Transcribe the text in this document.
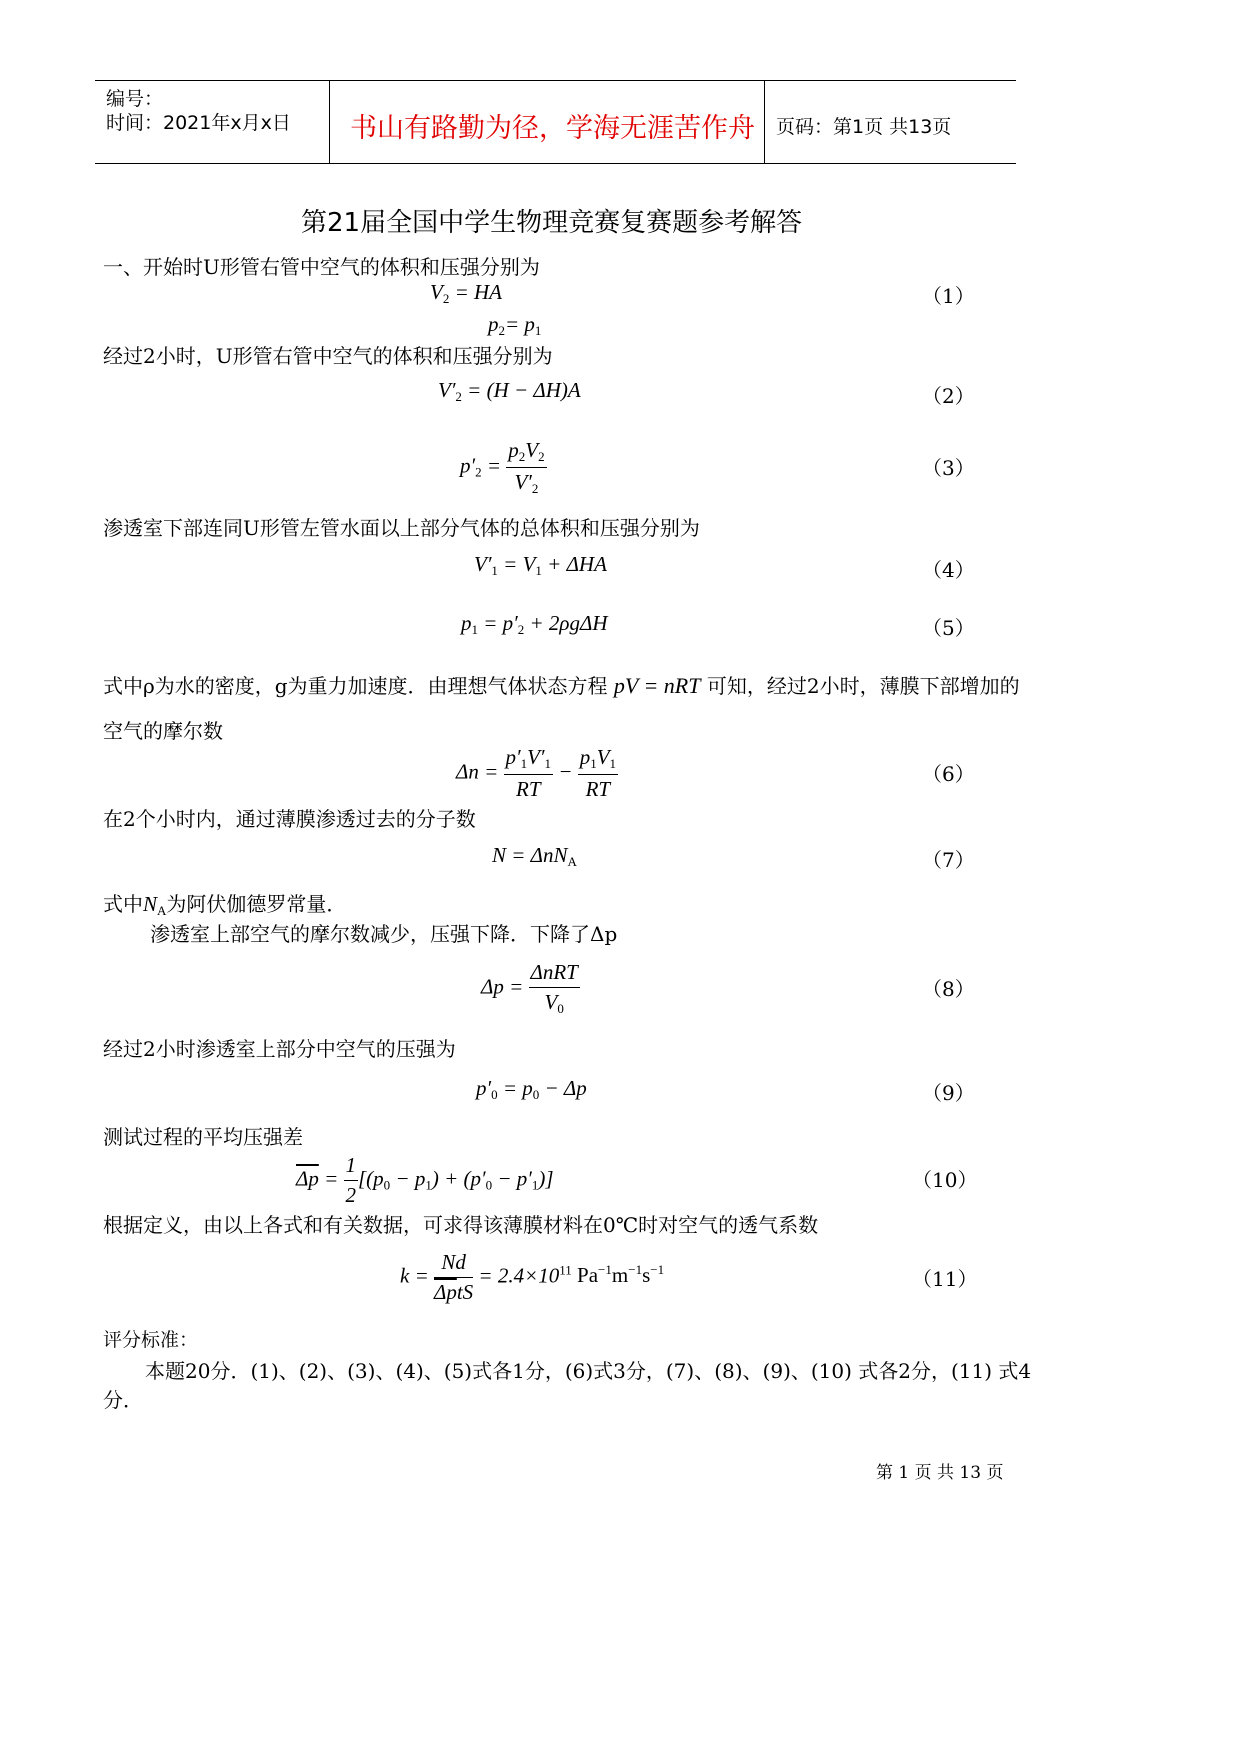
编号：
时间：2021年x月x日 书山有路勤为径，学海无涯苦作舟 页码：第1页 共13页
第21届全国中学生物理竞赛复赛题参考解答
一、开始时U形管右管中空气的体积和压强分别为
$V_2$ = HA
$p_2= p_1$
经过2小时，U形管右管中空气的体积和压强分别为
$V'_2 = (H - \Delta H)A$
$p'_2 = \frac{p_2V_2}{V'_2}$
渗透室下部连同U形管左管水面以上部分气体的总体积和压强分别为
$V'_1 = V_1 + \Delta HA$
$p_1 = p'_2 + 2\rho g\Delta H$
式中ρ为水的密度，g为重力加速度．由理想气体状态方程 pV = nRT 可知，经过2小时，薄膜下部增加的
空气的摩尔数
$\Delta n = \frac{p'_1V'_1}{RT} - \frac{p_1V_1}{RT}$
在2个小时内，通过薄膜渗透过去的分子数
N = ΔnN$_A$
式中$N_A$为阿伏伽德罗常量．
渗透室上部空气的摩尔数减少，压强下降．下降了Δp
$\Delta p = \frac{\text{ΔnRT}}{V_0}$
经过2小时渗透室上部分中空气的压强为
$p'_0 = p_0 - \Delta p$
测试过程的平均压强差
$\overline{\Delta p} = \frac{1}{2} [(p_0 - p_1) + (p'_0 - p'_1)]$
根据定义，由以上各式和有关数据，可求得该薄膜材料在0℃时对空气的透气系数
$k = \frac{Nd}{\overline{\Delta p}tS} = 2.4\times 10^{11}$ $Pa^{-1}m^{-1}s^{-1}$
（1）
（2）
（3）
（4）
（5）
（6）
（7）
（8）
（9）
（10）
（11）
评分标准：
本题20分．(1)、(2)、(3)、(4)、(5)式各1分，(6)式3分，(7)、(8)、(9)、(10) 式各2分，(11) 式4
分．
第 1 页 共 13 页
